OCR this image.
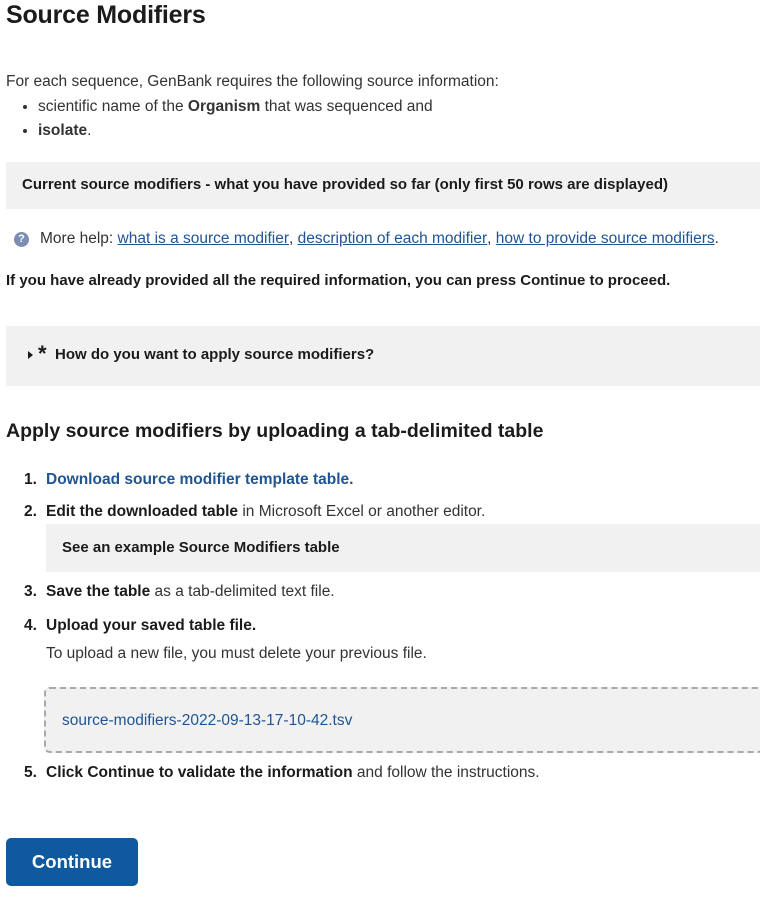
Source Modifiers
For each sequence, GenBank requires the following source information:
• scientific name of the Organism that was sequenced and
• isolate.
Current source modifiers - what you have provided so far (only first 50 rows are displayed)
? More help:
what is a source modifier ,
description of each modifier ,
how to provide source modifiers .
If you have already provided all the required information, you can press Continue to proceed.
* How do you want to apply source modifiers?
Apply source modifiers by uploading a tab-delimited table
1. Download source modifier template table.
2. Edit the downloaded table in Microsoft Excel or another editor.
See an example Source Modifiers table
3. Save the table as a tab-delimited text file.
4. Upload your saved table file.
To upload a new file, you must delete your previous file.
source-modifiers-2022-09-13-17-10-42.tsv
5. Click Continue to validate the information and follow the instructions.
Continue
